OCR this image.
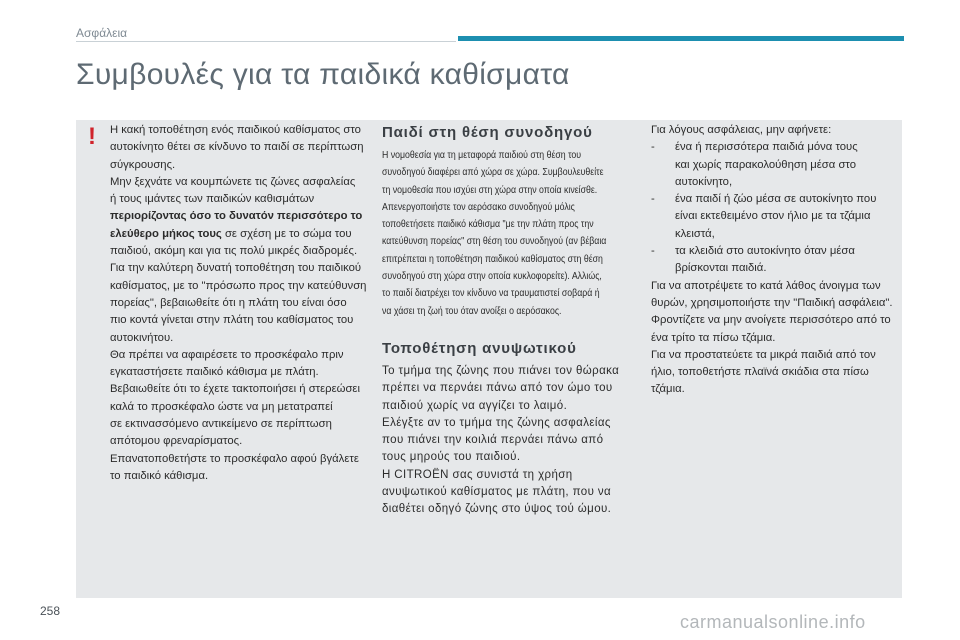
Ασφάλεια
Συμβουλές για τα παιδικά καθίσματα
! Η κακή τοποθέτηση ενός παιδικού καθίσματος στο
αυτοκίνητο θέτει σε κίνδυνο το παιδί σε περίπτωση
σύγκρουσης.
Μην ξεχνάτε να κουμπώνετε τις ζώνες ασφαλείας
ή τους ιμάντες των παιδικών καθισμάτων
περιορίζοντας όσο το δυνατόν περισσότερο το
ελεύθερο μήκος τους σε σχέση με το σώμα του
παιδιού, ακόμη και για τις πολύ μικρές διαδρομές.
Για την καλύτερη δυνατή τοποθέτηση του παιδικού
καθίσματος, με το "πρόσωπο προς την κατεύθυνση
πορείας", βεβαιωθείτε ότι η πλάτη του είναι όσο
πιο κοντά γίνεται στην πλάτη του καθίσματος του
αυτοκινήτου.
Θα πρέπει να αφαιρέσετε το προσκέφαλο πριν
εγκαταστήσετε παιδικό κάθισμα με πλάτη.
Βεβαιωθείτε ότι το έχετε τακτοποιήσει ή στερεώσει
καλά το προσκέφαλο ώστε να μη μετατραπεί
σε εκτινασσόμενο αντικείμενο σε περίπτωση
απότομου φρεναρίσματος.
Επανατοποθετήστε το προσκέφαλο αφού βγάλετε
το παιδικό κάθισμα.
Παιδί στη θέση συνοδηγού
Η νομοθεσία για τη μεταφορά παιδιού στη θέση του
συνοδηγού διαφέρει από χώρα σε χώρα. Συμβουλευθείτε
τη νομοθεσία που ισχύει στη χώρα στην οποία κινείσθε.
Απενεργοποιήστε τον αερόσακο συνοδηγού μόλις
τοποθετήσετε παιδικό κάθισμα "με την πλάτη προς την
κατεύθυνση πορείας" στη θέση του συνοδηγού (αν βέβαια
επιτρέπεται η τοποθέτηση παιδικού καθίσματος στη θέση
συνοδηγού στη χώρα στην οποία κυκλοφορείτε). Αλλιώς,
το παιδί διατρέχει τον κίνδυνο να τραυματιστεί σοβαρά ή
να χάσει τη ζωή του όταν ανοίξει ο αερόσακος.
Τοποθέτηση ανυψωτικού
Το τμήμα της ζώνης που πιάνει τον θώρακα
πρέπει να περνάει πάνω από τον ώμο του
παιδιού χωρίς να αγγίζει το λαιμό.
Ελέγξτε αν το τμήμα της ζώνης ασφαλείας
που πιάνει την κοιλιά περνάει πάνω από
τους μηρούς του παιδιού.
Η CITROËN σας συνιστά τη χρήση
ανυψωτικού καθίσματος με πλάτη, που να
διαθέτει οδηγό ζώνης στο ύψος τού ώμου.
Για λόγους ασφάλειας, μην αφήνετε:
- ένα ή περισσότερα παιδιά μόνα τους
και χωρίς παρακολούθηση μέσα στο
αυτοκίνητο,
- ένα παιδί ή ζώο μέσα σε αυτοκίνητο που
είναι εκτεθειμένο στον ήλιο με τα τζάμια
κλειστά,
- τα κλειδιά στο αυτοκίνητο όταν μέσα
βρίσκονται παιδιά.
Για να αποτρέψετε το κατά λάθος άνοιγμα των
θυρών, χρησιμοποιήστε την "Παιδική ασφάλεια".
Φροντίζετε να μην ανοίγετε περισσότερο από το
ένα τρίτο τα πίσω τζάμια.
Για να προστατεύετε τα μικρά παιδιά από τον
ήλιο, τοποθετήστε πλαϊνά σκιάδια στα πίσω
τζάμια.
258
carmanualsonline.info
